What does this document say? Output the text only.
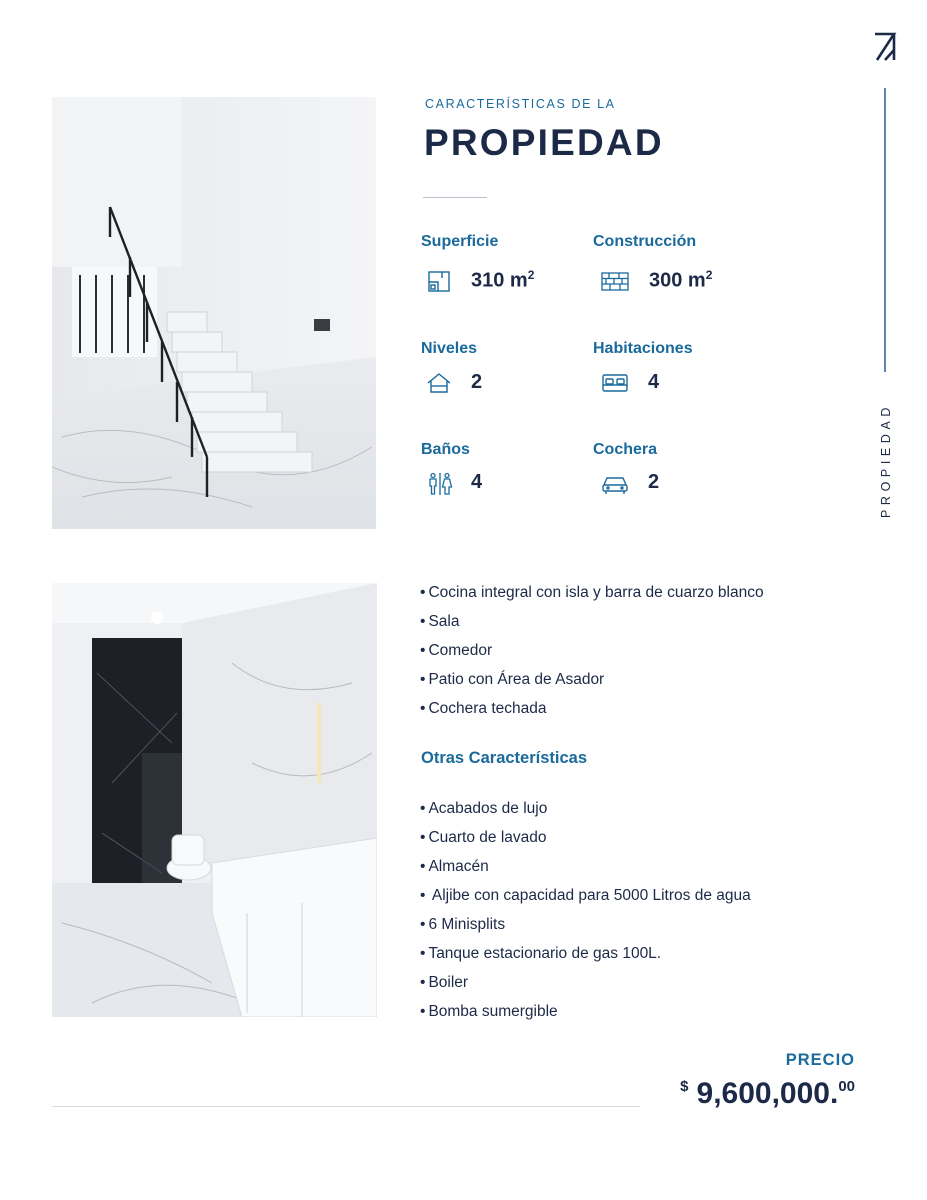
PROPIEDAD
CARACTERÍSTICAS DE LA
PROPIEDAD
Superficie
310 $m^2$
Construcción
300 $m^2$
Niveles
2
Habitaciones
4
Baños
4
Cochera
2
• Cocina integral con isla y barra de cuarzo blanco
• Sala
• Comedor
• Patio con Área de Asador
• Cochera techada
Otras Características
• Acabados de lujo
• Cuarto de lavado
• Almacén
• Aljibe con capacidad para 5000 Litros de agua
• 6 Minisplits
• Tanque estacionario de gas 100L.
• Boiler
• Bomba sumergible
PRECIO
$ 9,600,000.00
